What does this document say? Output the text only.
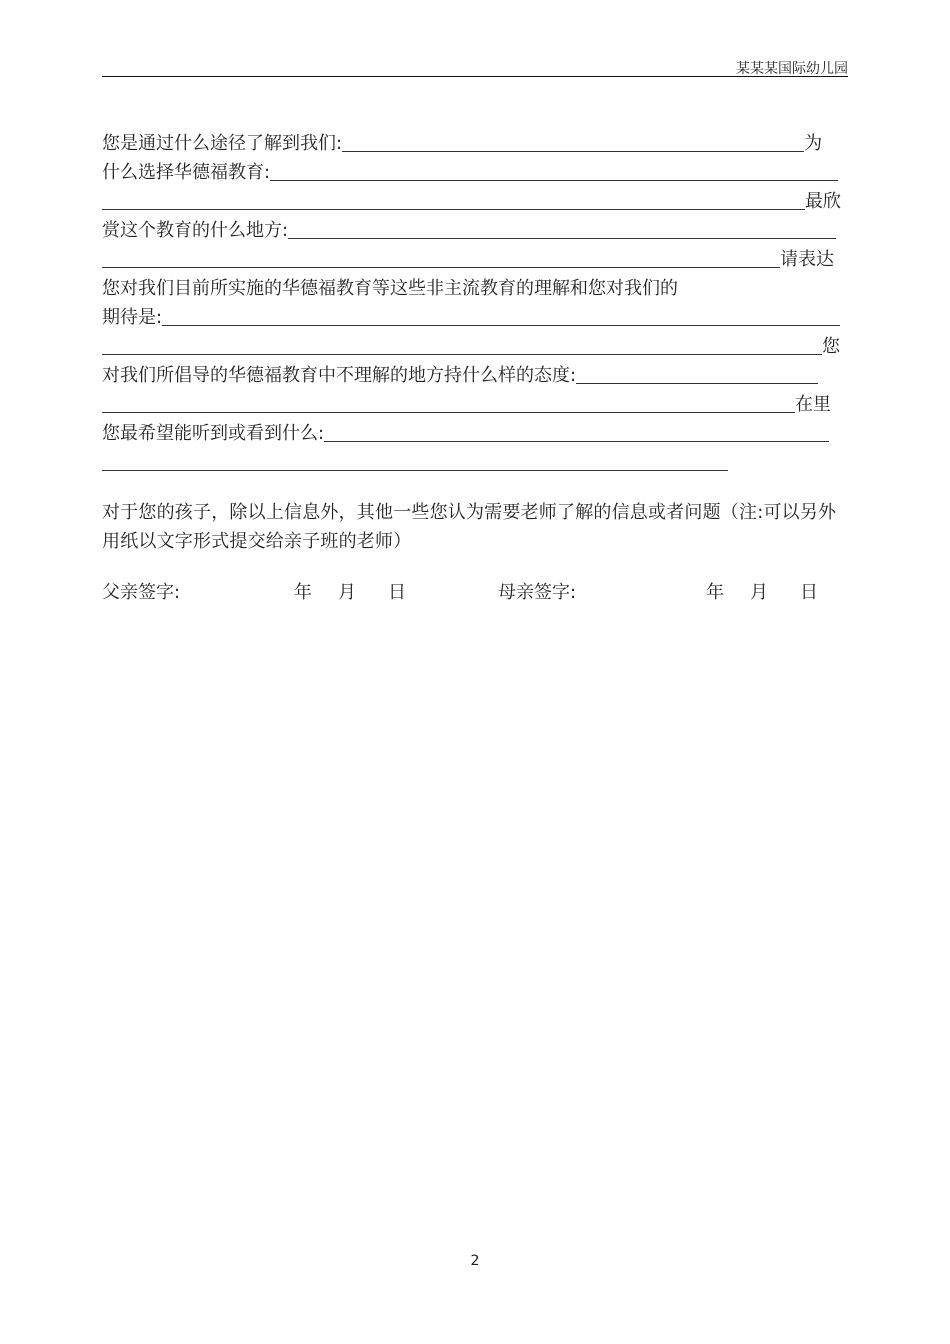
某某某国际幼儿园
您是通过什么途径了解到我们:	为
什么选择华德福教育:
最欣
赏这个教育的什么地方:
请表达
您对我们目前所实施的华德福教育等这些非主流教育的理解和您对我们的
期待是:
您
对我们所倡导的华德福教育中不理解的地方持什么样的态度:
在里
您最希望能听到或看到什么:
对于您的孩子，除以上信息外，其他一些您认为需要老师了解的信息或者问题（注:可以另外用纸以文字形式提交给亲子班的老师）
父亲签字:	年 月 日	母亲签字:	年 月 日
2
